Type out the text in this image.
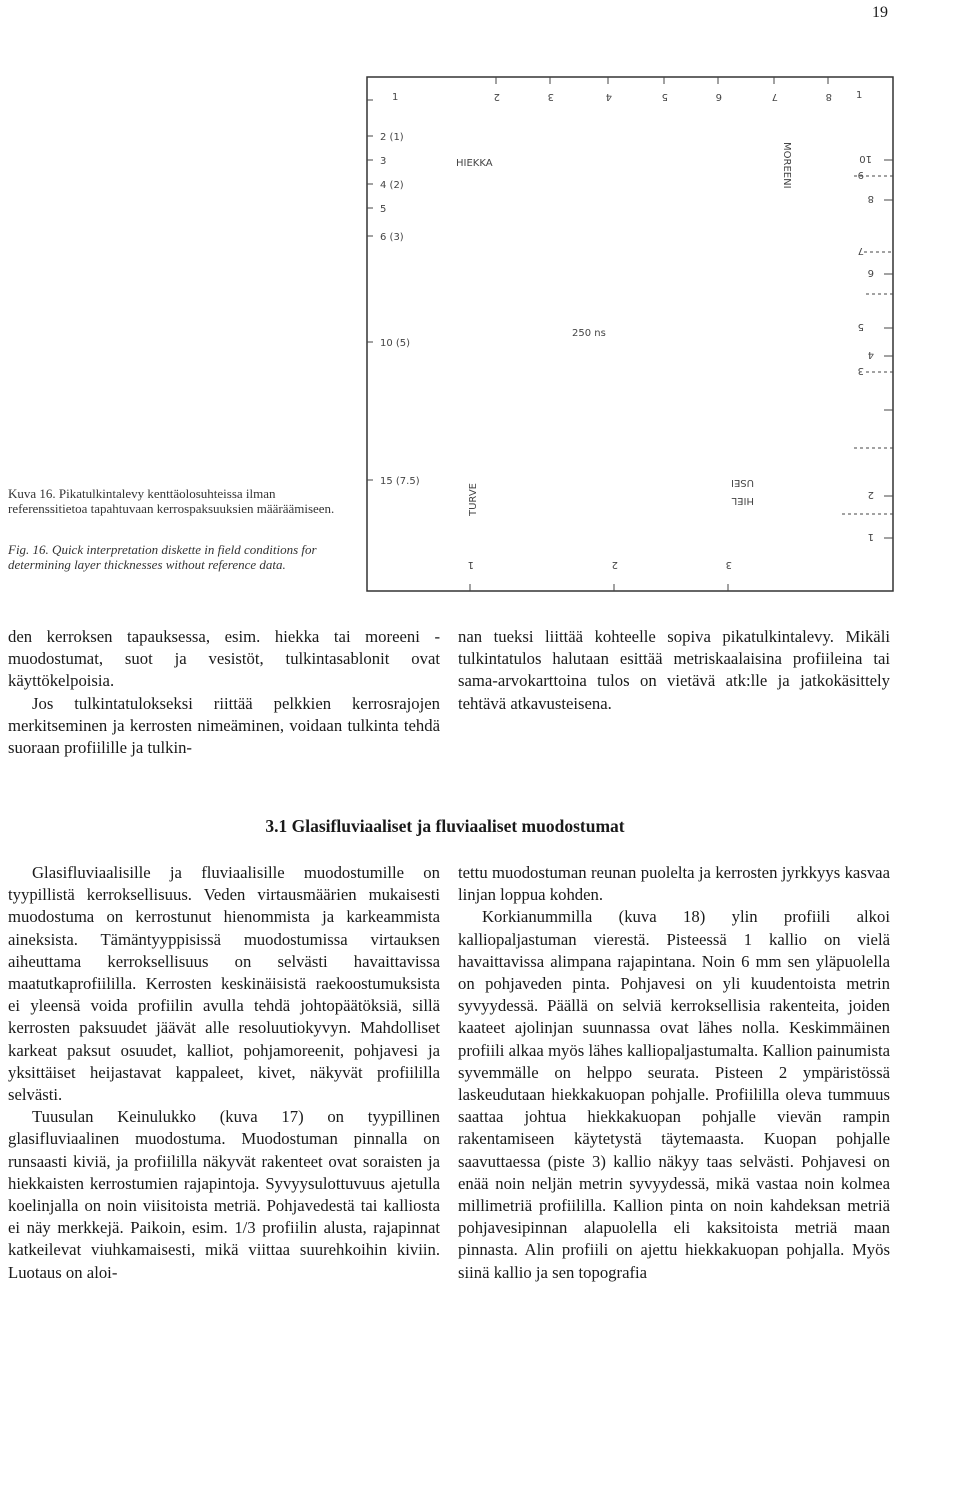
19
Kuva 16. Pikatulkintalevy kenttäolosuhteissa ilman referenssitietoa tapahtuvaan kerrospaksuuksien määräämiseen.
Fig. 16. Quick interpretation diskette in field conditions for determining layer thicknesses without reference data.
1
2 (1)
3
4 (2)
5
6 (3)
10 (5)
15 (7.5)
2	3	4	5	6	7	8 1
HIEKKA	MOREENI
TURVE
USEI
HIEL
250 ns
1	2	3
10
9
8
7
6
5
4
3
2
1

den kerroksen tapauksessa, esim. hiekka tai moreeni -muodostumat, suot ja vesistöt, tulkintasablonit ovat käyttökelpoisia.

Jos tulkintatulokseksi riittää pelkkien kerrosrajojen merkitseminen ja kerrosten nimeäminen, voidaan tulkinta tehdä suoraan profiilille ja tulkin-

nan tueksi liittää kohteelle sopiva pikatulkintalevy. Mikäli tulkintatulos halutaan esittää metriskaalaisina profiileina tai sama-arvokarttoina tulos on vietävä atk:lle ja jatkokäsittely tehtävä atkavusteisena.

3.1 Glasifluviaaliset ja fluviaaliset muodostumat

Glasifluviaalisille ja fluviaalisille muodostumille on tyypillistä kerroksellisuus. Veden virtausmäärien mukaisesti muodostuma on kerrostunut hienommista ja karkeammista aineksista. Tämäntyyppisissä muodostumissa virtauksen aiheuttama kerroksellisuus on selvästi havaittavissa maatutkaprofiililla. Kerrosten keskinäisistä raekoostumuksista ei yleensä voida profiilin avulla tehdä johtopäätöksiä, sillä kerrosten paksuudet jäävät alle resoluutiokyvyn. Mahdolliset karkeat paksut osuudet, kalliot, pohjamoreenit, pohjavesi ja yksittäiset heijastavat kappaleet, kivet, näkyvät profiililla selvästi.

Tuusulan Keinulukko (kuva 17) on tyypillinen glasifluviaalinen muodostuma. Muodostuman pinnalla on runsaasti kiviä, ja profiililla näkyvät rakenteet ovat soraisten ja hiekkaisten kerrostumien rajapintoja. Syvyysulottuvuus ajetulla koelinjalla on noin viisitoista metriä. Pohjavedestä tai kalliosta ei näy merkkejä. Paikoin, esim. 1/3 profiilin alusta, rajapinnat katkeilevat viuhkamaisesti, mikä viittaa suurehkoihin kiviin. Luotaus on aloi-

tettu muodostuman reunan puolelta ja kerrosten jyrkkyys kasvaa linjan loppua kohden.

Korkianummilla (kuva 18) ylin profiili alkoi kalliopaljastuman vierestä. Pisteessä 1 kallio on vielä havaittavissa alimpana rajapintana. Noin 6 mm sen yläpuolella on pohjaveden pinta. Pohjavesi on yli kuudentoista metrin syvyydessä. Päällä on selviä kerroksellisia rakenteita, joiden kaateet ajolinjan suunnassa ovat lähes nolla. Keskimmäinen profiili alkaa myös lähes kalliopaljastumalta. Kallion painumista syvemmälle on helppo seurata. Pisteen 2 ympäristössä laskeudutaan hiekkakuopan pohjalle. Profiililla oleva tummuus saattaa johtua hiekkakuopan pohjalle vievän rampin rakentamiseen käytetystä täytemaasta. Kuopan pohjalle saavuttaessa (piste 3) kallio näkyy taas selvästi. Pohjavesi on enää noin neljän metrin syvyydessä, mikä vastaa noin kolmea millimetriä profiililla. Kallion pinta on noin kahdeksan metriä pohjavesipinnan alapuolella eli kaksitoista metriä maan pinnasta. Alin profiili on ajettu hiekkakuopan pohjalla. Myös siinä kallio ja sen topografia
